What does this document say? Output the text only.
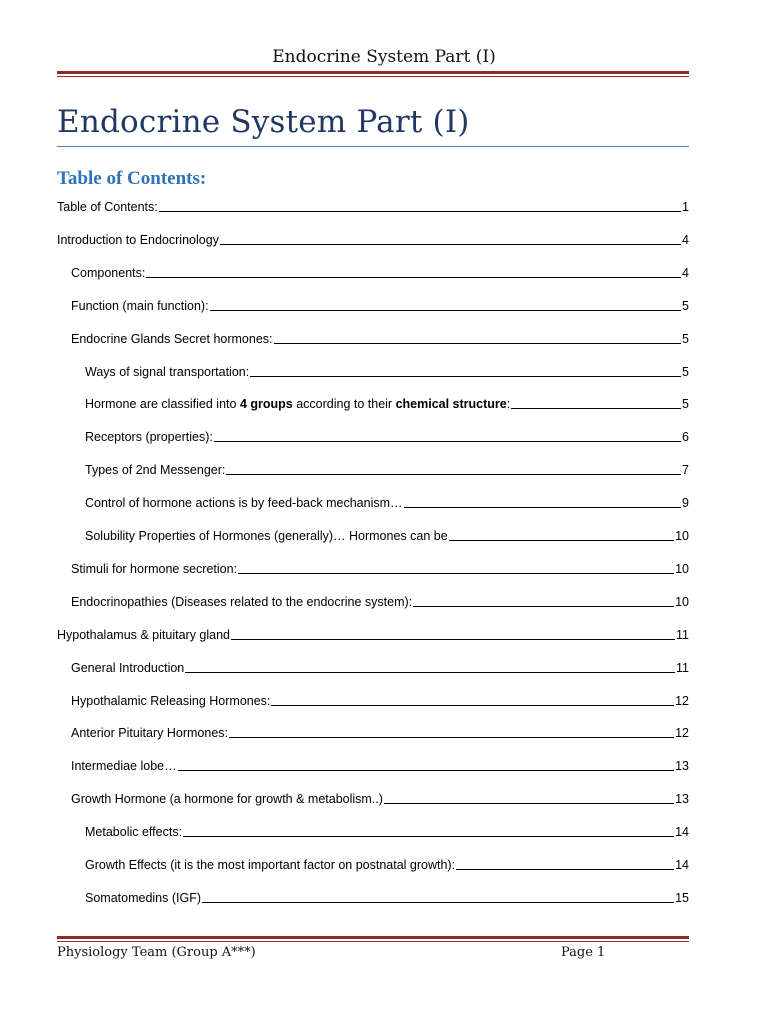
Endocrine System Part (I)
Endocrine System Part (I)
Table of Contents:
Table of Contents:	1
Introduction to Endocrinology	4
Components:	4
Function (main function):	5
Endocrine Glands Secret hormones:	5
Ways of signal transportation:	5
Hormone are classified into 4 groups according to their chemical structure:	5
Receptors (properties):	6
Types of 2nd Messenger:	7
Control of hormone actions is by feed-back mechanism…	9
Solubility Properties of Hormones (generally)… Hormones can be	10
Stimuli for hormone secretion:	10
Endocrinopathies (Diseases related to the endocrine system):	10
Hypothalamus & pituitary gland	11
General Introduction	11
Hypothalamic Releasing Hormones:	12
Anterior Pituitary Hormones:	12
Intermediae lobe…	13
Growth Hormone (a hormone for growth & metabolism..)	13
Metabolic effects:	14
Growth Effects (it is the most important factor on postnatal growth):	14
Somatomedins (IGF)	15
Physiology Team (Group A***)	Page 1
